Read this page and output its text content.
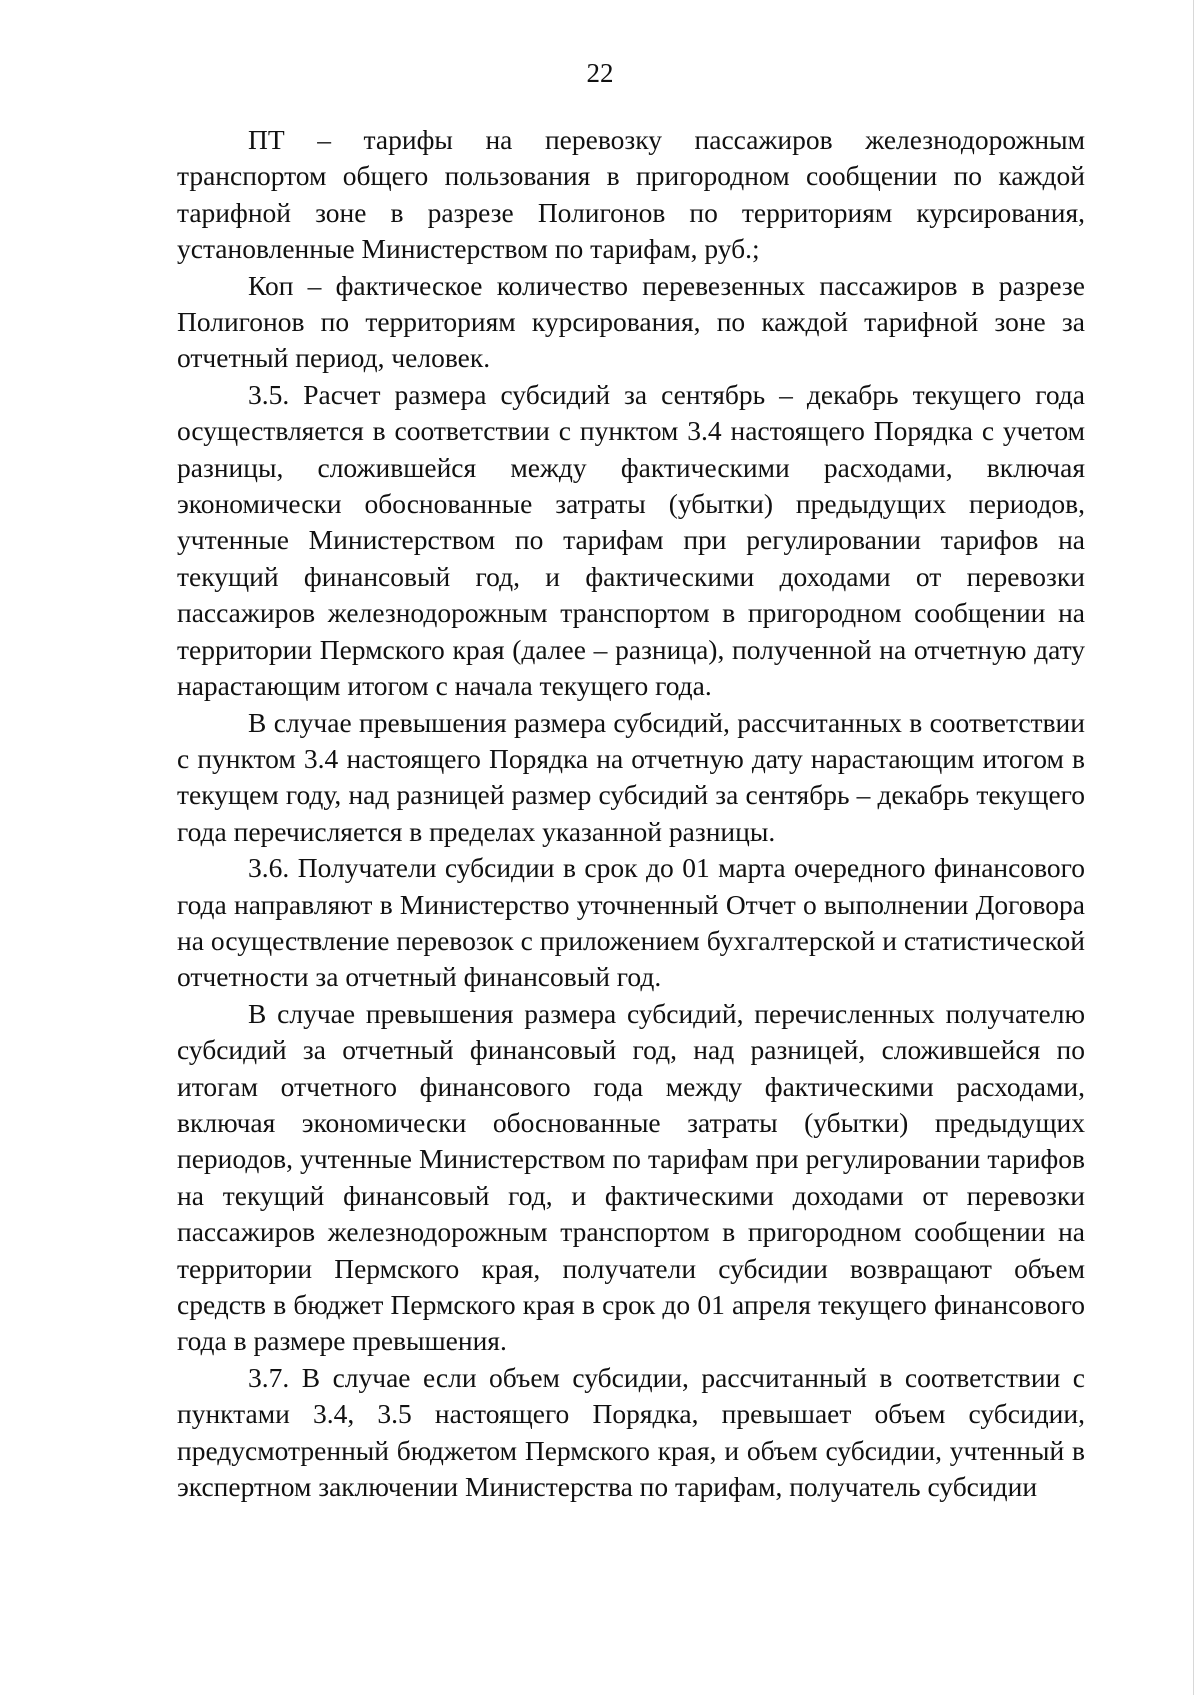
22

ПТ – тарифы на перевозку пассажиров железнодорожным транспортом общего пользования в пригородном сообщении по каждой тарифной зоне в разрезе Полигонов по территориям курсирования, установленные Министерством по тарифам, руб.;

Коп – фактическое количество перевезенных пассажиров в разрезе Полигонов по территориям курсирования, по каждой тарифной зоне за отчетный период, человек.

3.5. Расчет размера субсидий за сентябрь – декабрь текущего года осуществляется в соответствии с пунктом 3.4 настоящего Порядка с учетом разницы, сложившейся между фактическими расходами, включая экономически обоснованные затраты (убытки) предыдущих периодов, учтенные Министерством по тарифам при регулировании тарифов на текущий финансовый год, и фактическими доходами от перевозки пассажиров железнодорожным транспортом в пригородном сообщении на территории Пермского края (далее – разница), полученной на отчетную дату нарастающим итогом с начала текущего года.

В случае превышения размера субсидий, рассчитанных в соответствии с пунктом 3.4 настоящего Порядка на отчетную дату нарастающим итогом в текущем году, над разницей размер субсидий за сентябрь – декабрь текущего года перечисляется в пределах указанной разницы.

3.6. Получатели субсидии в срок до 01 марта очередного финансового года направляют в Министерство уточненный Отчет о выполнении Договора на осуществление перевозок с приложением бухгалтерской и статистической отчетности за отчетный финансовый год.

В случае превышения размера субсидий, перечисленных получателю субсидий за отчетный финансовый год, над разницей, сложившейся по итогам отчетного финансового года между фактическими расходами, включая экономически обоснованные затраты (убытки) предыдущих периодов, учтенные Министерством по тарифам при регулировании тарифов на текущий финансовый год, и фактическими доходами от перевозки пассажиров железнодорожным транспортом в пригородном сообщении на территории Пермского края, получатели субсидии возвращают объем средств в бюджет Пермского края в срок до 01 апреля текущего финансового года в размере превышения.

3.7. В случае если объем субсидии, рассчитанный в соответствии с пунктами 3.4, 3.5 настоящего Порядка, превышает объем субсидии, предусмотренный бюджетом Пермского края, и объем субсидии, учтенный в экспертном заключении Министерства по тарифам, получатель субсидии
